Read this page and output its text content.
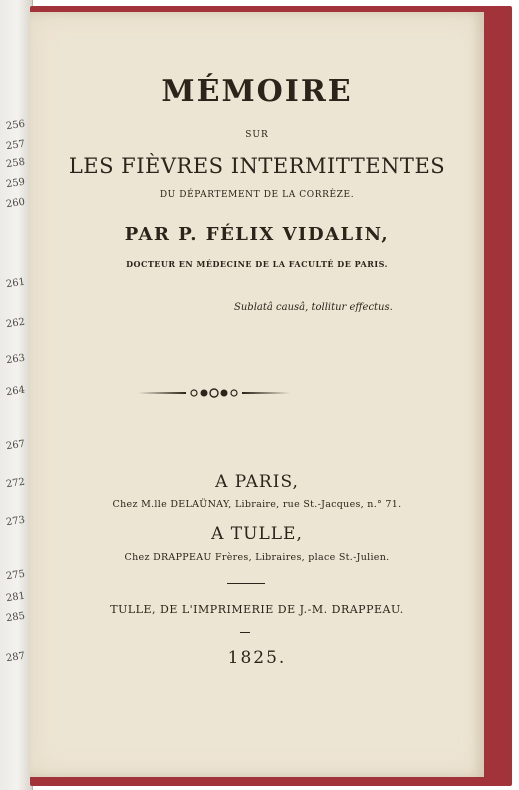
256
257
258
259
260
261
262
263
264
267
272
273
275
281
285
287
MÉMOIRE
SUR
LES FIÈVRES INTERMITTENTES
DU DÉPARTEMENT DE LA CORRÈZE.
PAR P. FÉLIX VIDALIN,
DOCTEUR EN MÉDECINE DE LA FACULTÉ DE PARIS.
Sublatâ causâ, tollitur effectus.
A PARIS,
Chez M.lle DELAÜNAY, Libraire, rue St.-Jacques, n.° 71.
A TULLE,
Chez DRAPPEAU Frères, Libraires, place St.-Julien.
TULLE, DE L'IMPRIMERIE DE J.-M. DRAPPEAU.
1825.
